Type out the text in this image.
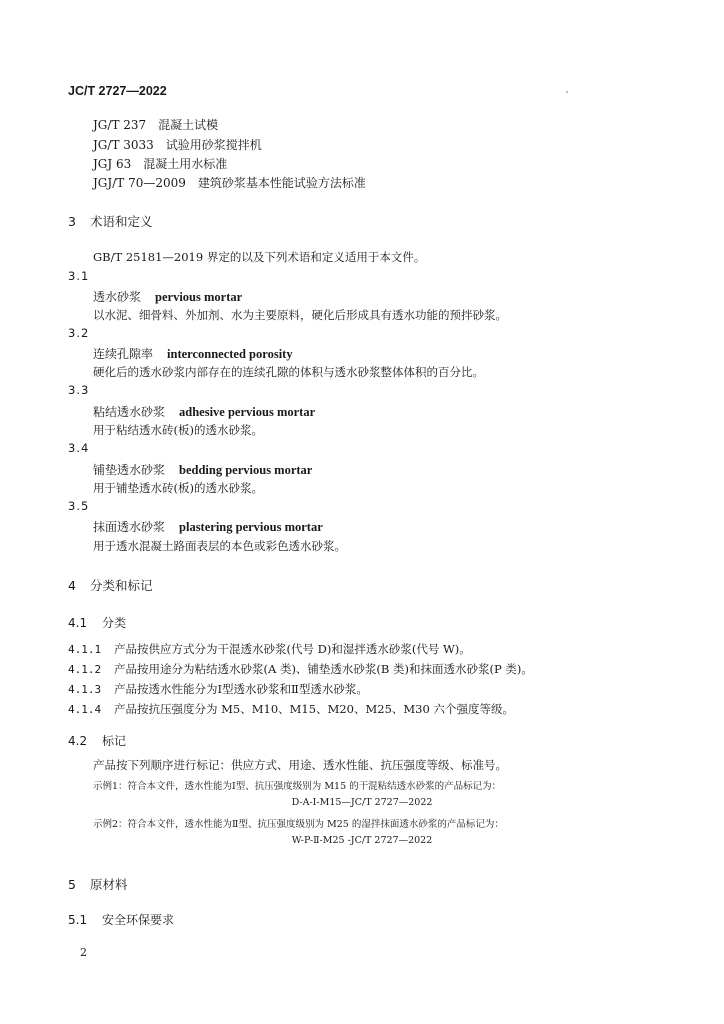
JC/T 2727—2022
JG/T 237　混凝土试模
JG/T 3033　试验用砂浆搅拌机
JGJ 63　混凝土用水标准
JGJ/T 70—2009　建筑砂浆基本性能试验方法标准
3 术语和定义
GB/T 25181—2019 界定的以及下列术语和定义适用于本文件。
3.1
透水砂浆 pervious mortar
以水泥、细骨料、外加剂、水为主要原料，硬化后形成具有透水功能的预拌砂浆。
3.2
连续孔隙率 interconnected porosity
硬化后的透水砂浆内部存在的连续孔隙的体积与透水砂浆整体体积的百分比。
3.3
粘结透水砂浆 adhesive pervious mortar
用于粘结透水砖(板)的透水砂浆。
3.4
铺垫透水砂浆 bedding pervious mortar
用于铺垫透水砖(板)的透水砂浆。
3.5
抹面透水砂浆 plastering pervious mortar
用于透水混凝土路面表层的本色或彩色透水砂浆。
4 分类和标记
4.1 分类
4.1.1 产品按供应方式分为干混透水砂浆(代号 D)和湿拌透水砂浆(代号 W)。
4.1.2 产品按用途分为粘结透水砂浆(A 类)、铺垫透水砂浆(B 类)和抹面透水砂浆(P 类)。
4.1.3 产品按透水性能分为Ⅰ型透水砂浆和Ⅱ型透水砂浆。
4.1.4 产品按抗压强度分为 M5、M10、M15、M20、M25、M30 六个强度等级。
4.2 标记
产品按下列顺序进行标记：供应方式、用途、透水性能、抗压强度等级、标准号。
示例1：符合本文件，透水性能为Ⅰ型、抗压强度级别为 M15 的干混粘结透水砂浆的产品标记为：
D-A-Ⅰ-M15—JC/T 2727—2022
示例2：符合本文件，透水性能为Ⅱ型、抗压强度级别为 M25 的湿拌抹面透水砂浆的产品标记为：
W-P-Ⅱ-M25 -JC/T 2727—2022
5 原材料
5.1 安全环保要求
2
